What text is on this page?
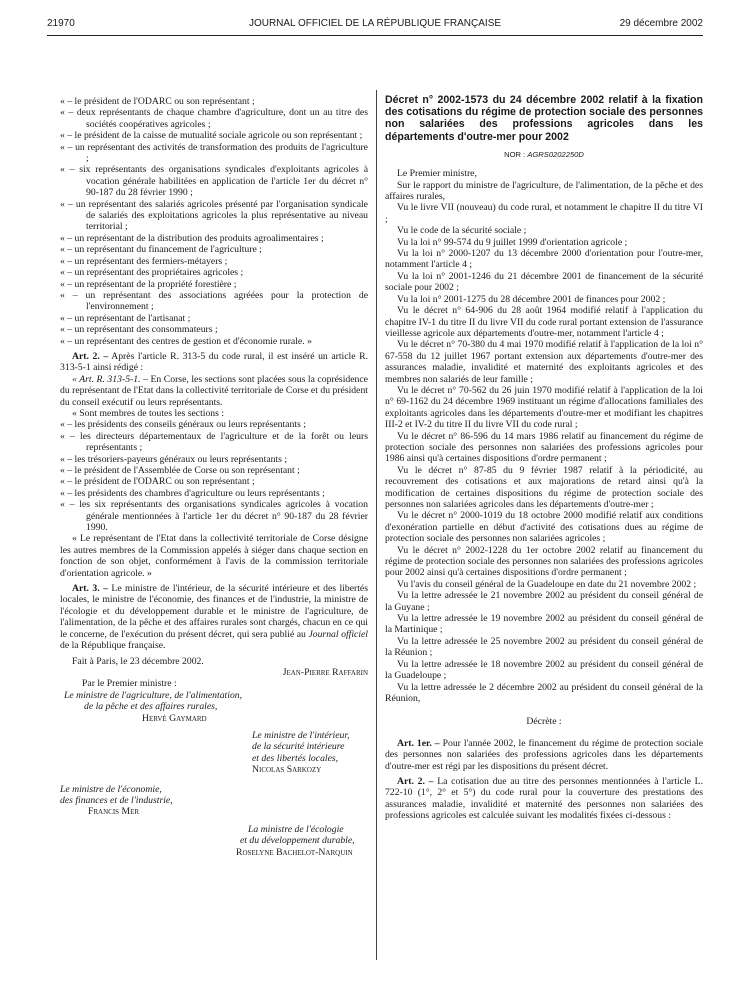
21970	JOURNAL OFFICIEL DE LA RÉPUBLIQUE FRANÇAISE	29 décembre 2002

« – le président de l'ODARC ou son représentant ;

« – deux représentants de chaque chambre d'agriculture, dont un au titre des sociétés coopératives agricoles ;

« – le président de la caisse de mutualité sociale agricole ou son représentant ;

« – un représentant des activités de transformation des produits de l'agriculture ;

« – six représentants des organisations syndicales d'exploitants agricoles à vocation générale habilitées en application de l'article 1er du décret n° 90-187 du 28 février 1990 ;

« – un représentant des salariés agricoles présenté par l'organisation syndicale de salariés des exploitations agricoles la plus représentative au niveau territorial ;

« – un représentant de la distribution des produits agroalimentaires ;

« – un représentant du financement de l'agriculture ;

« – un représentant des fermiers-métayers ;

« – un représentant des propriétaires agricoles ;

« – un représentant de la propriété forestière ;

« – un représentant des associations agréées pour la protection de l'environnement ;

« – un représentant de l'artisanat ;

« – un représentant des consommateurs ;

« – un représentant des centres de gestion et d'économie rurale. »

Art. 2. – Après l'article R. 313-5 du code rural, il est inséré un article R. 313-5-1 ainsi rédigé :

« Art. R. 313-5-1. – En Corse, les sections sont placées sous la coprésidence du représentant de l'Etat dans la collectivité territoriale de Corse et du président du conseil exécutif ou leurs représentants.

« Sont membres de toutes les sections :

« – les présidents des conseils généraux ou leurs représentants ;

« – les directeurs départementaux de l'agriculture et de la forêt ou leurs représentants ;

« – les trésoriers-payeurs généraux ou leurs représentants ;

« – le président de l'Assemblée de Corse ou son représentant ;

« – le président de l'ODARC ou son représentant ;

« – les présidents des chambres d'agriculture ou leurs représentants ;

« – les six représentants des organisations syndicales agricoles à vocation générale mentionnées à l'article 1er du décret n° 90-187 du 28 février 1990.

« Le représentant de l'Etat dans la collectivité territoriale de Corse désigne les autres membres de la Commission appelés à siéger dans chaque section en fonction de son objet, conformément à l'avis de la commission territoriale d'orientation agricole. »

Art. 3. – Le ministre de l'intérieur, de la sécurité intérieure et des libertés locales, le ministre de l'économie, des finances et de l'industrie, la ministre de l'écologie et du développement durable et le ministre de l'agriculture, de l'alimentation, de la pêche et des affaires rurales sont chargés, chacun en ce qui le concerne, de l'exécution du présent décret, qui sera publié au Journal officiel de la République française.

Fait à Paris, le 23 décembre 2002.

Jean-Pierre Raffarin

Par le Premier ministre :

Le ministre de l'agriculture, de l'alimentation,

de la pêche et des affaires rurales,

Hervé Gaymard

Le ministre de l'intérieur,

de la sécurité intérieure

et des libertés locales,

Nicolas Sarkozy

Le ministre de l'économie,

des finances et de l'industrie,

Francis Mer

La ministre de l'écologie

et du développement durable,

Roselyne Bachelot-Narquin

Décret n° 2002-1573 du 24 décembre 2002 relatif à la fixation des cotisations du régime de protection sociale des personnes non salariées des professions agricoles dans les départements d'outre-mer pour 2002

NOR : AGRS0202250D

Le Premier ministre,

Sur le rapport du ministre de l'agriculture, de l'alimentation, de la pêche et des affaires rurales,

Vu le livre VII (nouveau) du code rural, et notamment le chapitre II du titre VI ;

Vu le code de la sécurité sociale ;

Vu la loi n° 99-574 du 9 juillet 1999 d'orientation agricole ;

Vu la loi n° 2000-1207 du 13 décembre 2000 d'orientation pour l'outre-mer, notamment l'article 4 ;

Vu la loi n° 2001-1246 du 21 décembre 2001 de financement de la sécurité sociale pour 2002 ;

Vu la loi n° 2001-1275 du 28 décembre 2001 de finances pour 2002 ;

Vu le décret n° 64-906 du 28 août 1964 modifié relatif à l'application du chapitre IV-1 du titre II du livre VII du code rural portant extension de l'assurance vieillesse agricole aux départements d'outre-mer, notamment l'article 4 ;

Vu le décret n° 70-380 du 4 mai 1970 modifié relatif à l'application de la loi n° 67-558 du 12 juillet 1967 portant extension aux départements d'outre-mer des assurances maladie, invalidité et maternité des exploitants agricoles et des membres non salariés de leur famille ;

Vu le décret n° 70-562 du 26 juin 1970 modifié relatif à l'application de la loi n° 69-1162 du 24 décembre 1969 instituant un régime d'allocations familiales des exploitants agricoles dans les départements d'outre-mer et modifiant les chapitres III-2 et IV-2 du titre II du livre VII du code rural ;

Vu le décret n° 86-596 du 14 mars 1986 relatif au financement du régime de protection sociale des personnes non salariées des professions agricoles pour 1986 ainsi qu'à certaines dispositions d'ordre permanent ;

Vu le décret n° 87-85 du 9 février 1987 relatif à la périodicité, au recouvrement des cotisations et aux majorations de retard ainsi qu'à la modification de certaines dispositions du régime de protection sociale des personnes non salariées agricoles dans les départements d'outre-mer ;

Vu le décret n° 2000-1019 du 18 octobre 2000 modifié relatif aux conditions d'exonération partielle en début d'activité des cotisations dues au régime de protection sociale des personnes non salariées agricoles ;

Vu le décret n° 2002-1228 du 1er octobre 2002 relatif au financement du régime de protection sociale des personnes non salariées des professions agricoles pour 2002 ainsi qu'à certaines dispositions d'ordre permanent ;

Vu l'avis du conseil général de la Guadeloupe en date du 21 novembre 2002 ;

Vu la lettre adressée le 21 novembre 2002 au président du conseil général de la Guyane ;

Vu la lettre adressée le 19 novembre 2002 au président du conseil général de la Martinique ;

Vu la lettre adressée le 25 novembre 2002 au président du conseil général de la Réunion ;

Vu la lettre adressée le 18 novembre 2002 au président du conseil général de la Guadeloupe ;

Vu la lettre adressée le 2 décembre 2002 au président du conseil général de la Réunion,

Décrète :

Art. 1er. – Pour l'année 2002, le financement du régime de protection sociale des personnes non salariées des professions agricoles dans les départements d'outre-mer est régi par les dispositions du présent décret.

Art. 2. – La cotisation due au titre des personnes mentionnées à l'article L. 722-10 (1°, 2° et 5°) du code rural pour la couverture des prestations des assurances maladie, invalidité et maternité des personnes non salariées des professions agricoles est calculée suivant les modalités fixées ci-dessous :
